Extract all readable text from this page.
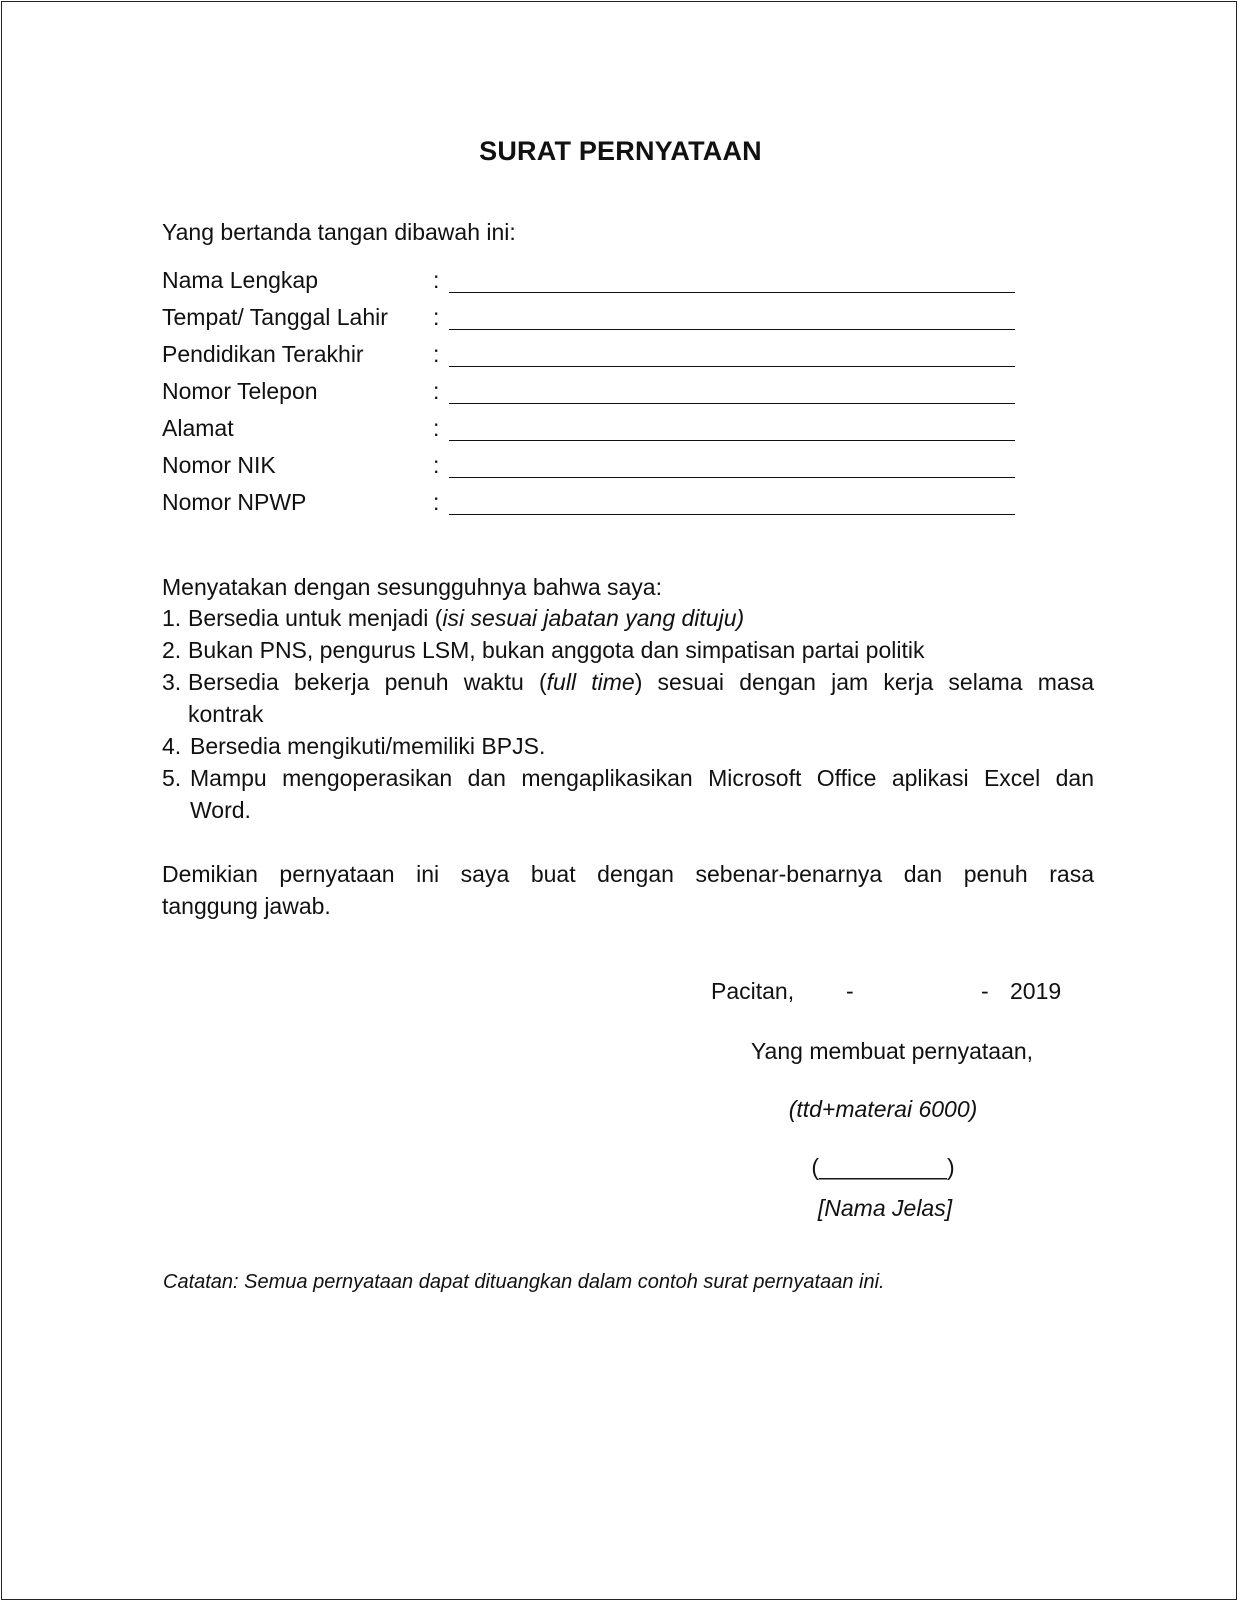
SURAT PERNYATAAN
Yang bertanda tangan dibawah ini:
Nama Lengkap	:
Tempat/ Tanggal Lahir :
Pendidikan Terakhir	:
Nomor Telepon	:
Alamat	:
Nomor NIK	:
Nomor NPWP	:
Menyatakan dengan sesungguhnya bahwa saya:
1. Bersedia untuk menjadi (isi sesuai jabatan yang dituju)
2. Bukan PNS, pengurus LSM, bukan anggota dan simpatisan partai politik
3. Bersedia bekerja penuh waktu (full time) sesuai dengan jam kerja selama masa
kontrak
4. Bersedia mengikuti/memiliki BPJS.
5. Mampu mengoperasikan dan mengaplikasikan Microsoft Office aplikasi Excel dan
Word.
Demikian pernyataan ini saya buat dengan sebenar-benarnya dan penuh rasa
tanggung jawab.
Pacitan, -	- 2019
Yang membuat pernyataan,
(ttd+materai 6000)
(__________)
[Nama Jelas]
Catatan: Semua pernyataan dapat dituangkan dalam contoh surat pernyataan ini.
